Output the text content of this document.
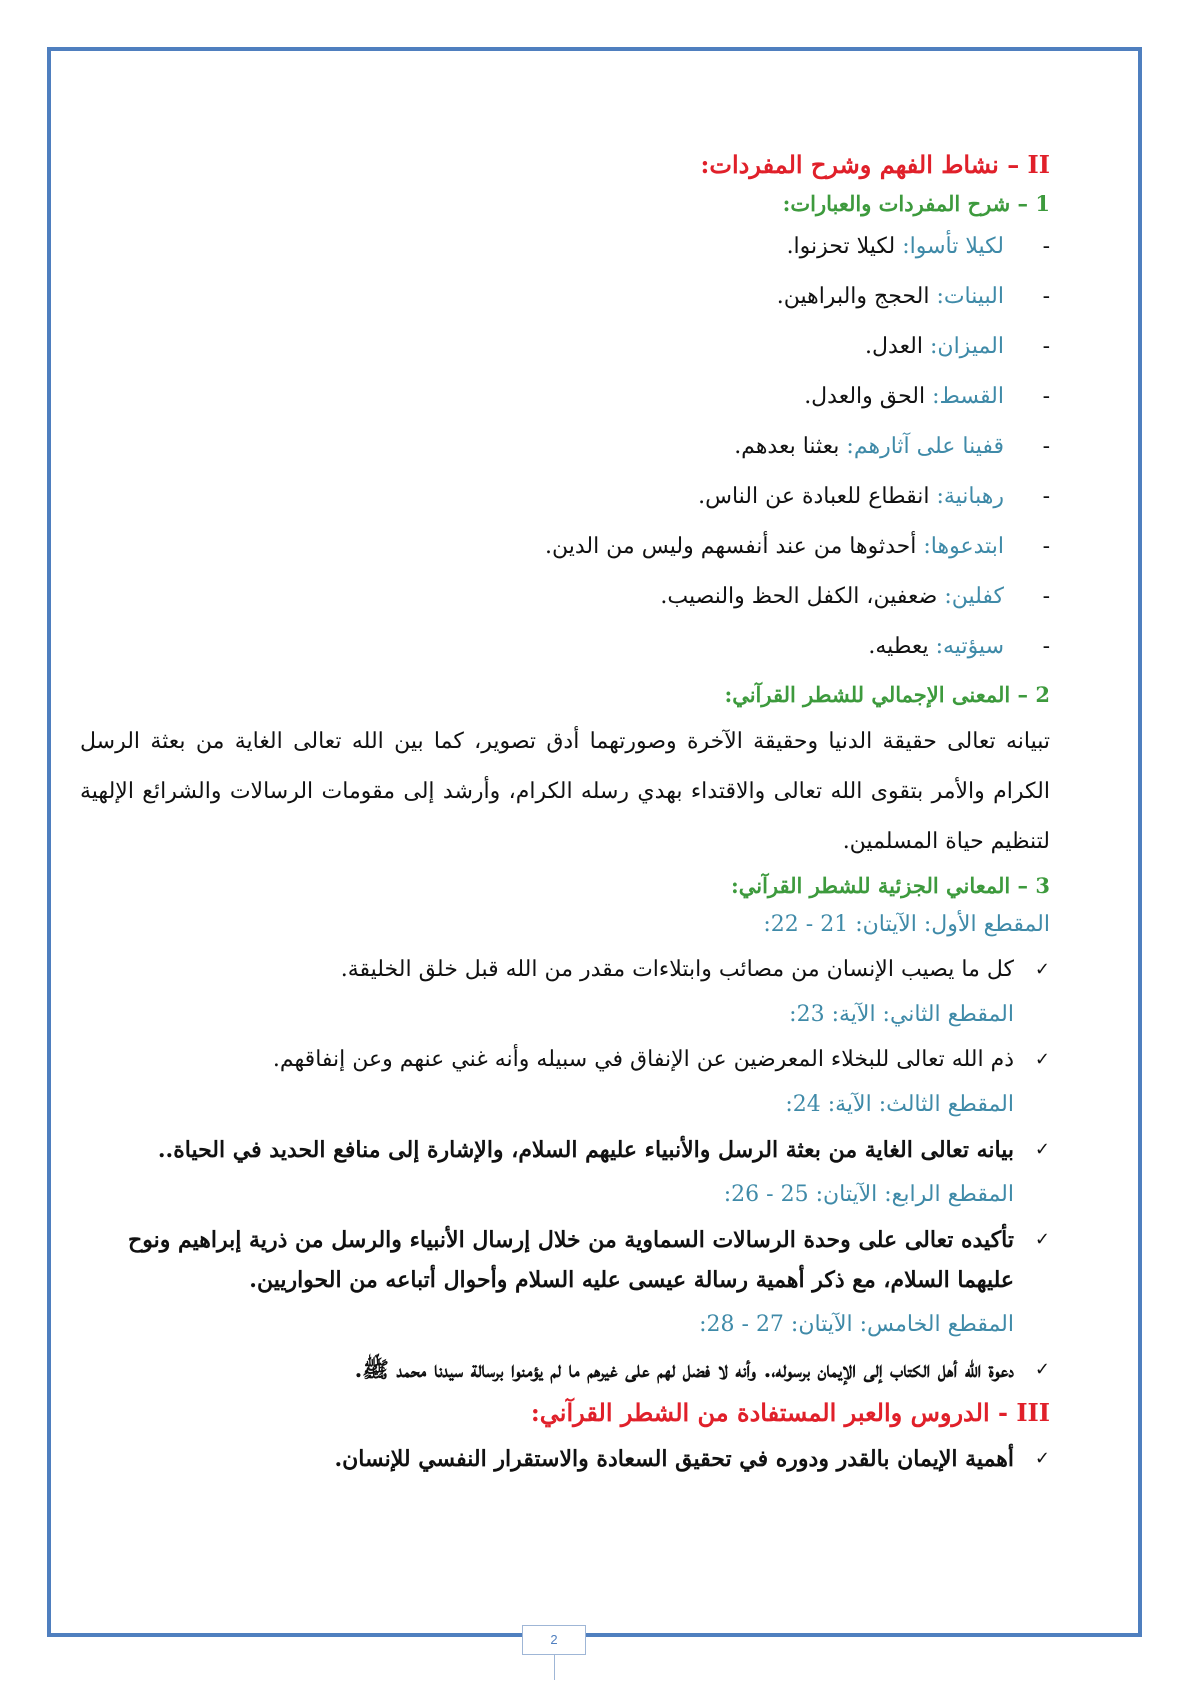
II – نشاط الفهم وشرح المفردات:
1 – شرح المفردات والعبارات:
-
لكيلا تأسوا: لكيلا تحزنوا.
-
البينات: الحجج والبراهين.
-
الميزان: العدل.
-
القسط: الحق والعدل.
-
قفينا على آثارهم: بعثنا بعدهم.
-
رهبانية: انقطاع للعبادة عن الناس.
-
ابتدعوها: أحدثوها من عند أنفسهم وليس من الدين.
-
كفلين: ضعفين، الكفل الحظ والنصيب.
-
سيؤتيه: يعطيه.
2 – المعنى الإجمالي للشطر القرآني:

تبيانه تعالى حقيقة الدنيا وحقيقة الآخرة وصورتهما أدق تصوير، كما بين الله تعالى الغاية من بعثة الرسل الكرام والأمر بتقوى الله تعالى والاقتداء بهدي رسله الكرام، وأرشد إلى مقومات الرسالات والشرائع الإلهية لتنظيم حياة المسلمين.

3 – المعاني الجزئية للشطر القرآني:
المقطع الأول: الآيتان: 21 - 22:
✓
كل ما يصيب الإنسان من مصائب وابتلاءات مقدر من الله قبل خلق الخليقة.
المقطع الثاني: الآية: 23:
✓
ذم الله تعالى للبخلاء المعرضين عن الإنفاق في سبيله وأنه غني عنهم وعن إنفاقهم.
المقطع الثالث: الآية: 24:
✓
بيانه تعالى الغاية من بعثة الرسل والأنبياء عليهم السلام، والإشارة إلى منافع الحديد في الحياة..
المقطع الرابع: الآيتان: 25 - 26:
✓
تأكيده تعالى على وحدة الرسالات السماوية من خلال إرسال الأنبياء والرسل من ذرية إبراهيم ونوح عليهما السلام، مع ذكر أهمية رسالة عيسى عليه السلام وأحوال أتباعه من الحواريين.
المقطع الخامس: الآيتان: 27 - 28:
✓
دعوة الله أهل الكتاب إلى الإيمان برسوله،. وأنه لا فضل لهم على غيرهم ما لم يؤمنوا برسالة سيدنا محمد ﷺ.
III - الدروس والعبر المستفادة من الشطر القرآني:
✓
أهمية الإيمان بالقدر ودوره في تحقيق السعادة والاستقرار النفسي للإنسان.
2
